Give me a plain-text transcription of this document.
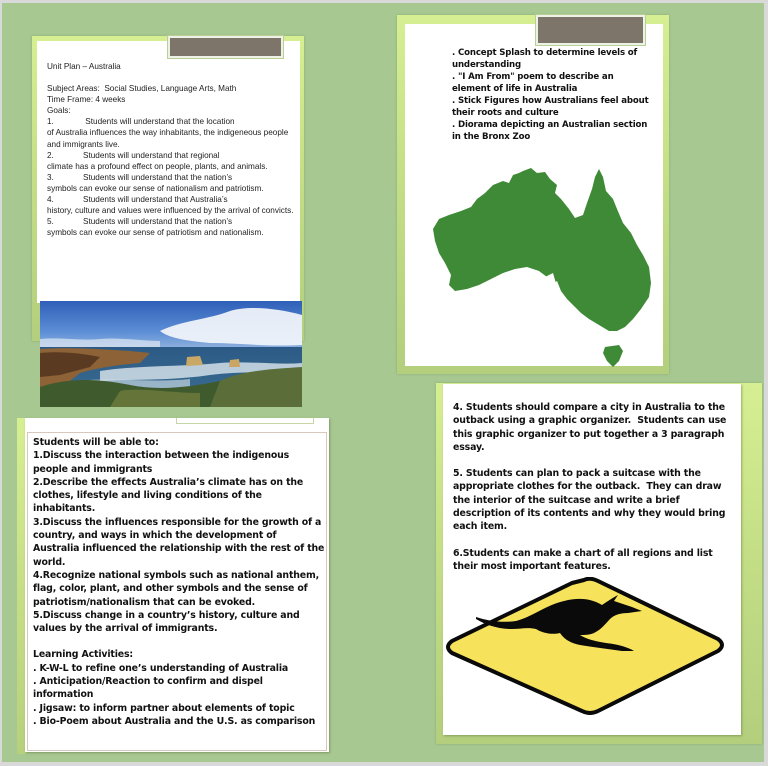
Unit Plan – Australia
Subject Areas:  Social Studies, Language Arts, Math
Time Frame: 4 weeks
Goals:
1.	Students will understand that the location
of Australia influences the way inhabitants, the indigeneous people and immigrants live.
2.	Students will understand that regional
climate has a profound effect on people, plants, and animals.
3.	Students will understand that the nation’s
symbols can evoke our sense of nationalism and patriotism.
4.	Students will understand that Australia’s
history, culture and values were influenced by the arrival of convicts.
5.	Students will understand that the nation’s
symbols can evoke our sense of patriotism and nationalism.
. Concept Splash to determine levels of understanding
. "I Am From" poem to describe an element of life in Australia
. Stick Figures how Australians feel about their roots and culture
. Diorama depicting an Australian section in the Bronx Zoo
Students will be able to:
1.Discuss the interaction between the indigenous people and immigrants
2.Describe the effects Australia’s climate has on the clothes, lifestyle and living conditions of the inhabitants.
3.Discuss the influences responsible for the growth of a country, and ways in which the development of Australia influenced the relationship with the rest of the world.
4.Recognize national symbols such as national anthem, flag, color, plant, and other symbols and the sense of patriotism/nationalism that can be evoked.
5.Discuss change in a country’s history, culture and values by the arrival of immigrants.
Learning Activities:
. K-W-L to refine one’s understanding of Australia
. Anticipation/Reaction to confirm and dispel information
. Jigsaw: to inform partner about elements of topic
. Bio-Poem about Australia and the U.S. as comparison
4. Students should compare a city in Australia to the outback using a graphic organizer.  Students can use this graphic organizer to put together a 3 paragraph essay.
5. Students can plan to pack a suitcase with the appropriate clothes for the outback.  They can draw the interior of the suitcase and write a brief description of its contents and why they would bring each item.
6.Students can make a chart of all regions and list their most important features.
